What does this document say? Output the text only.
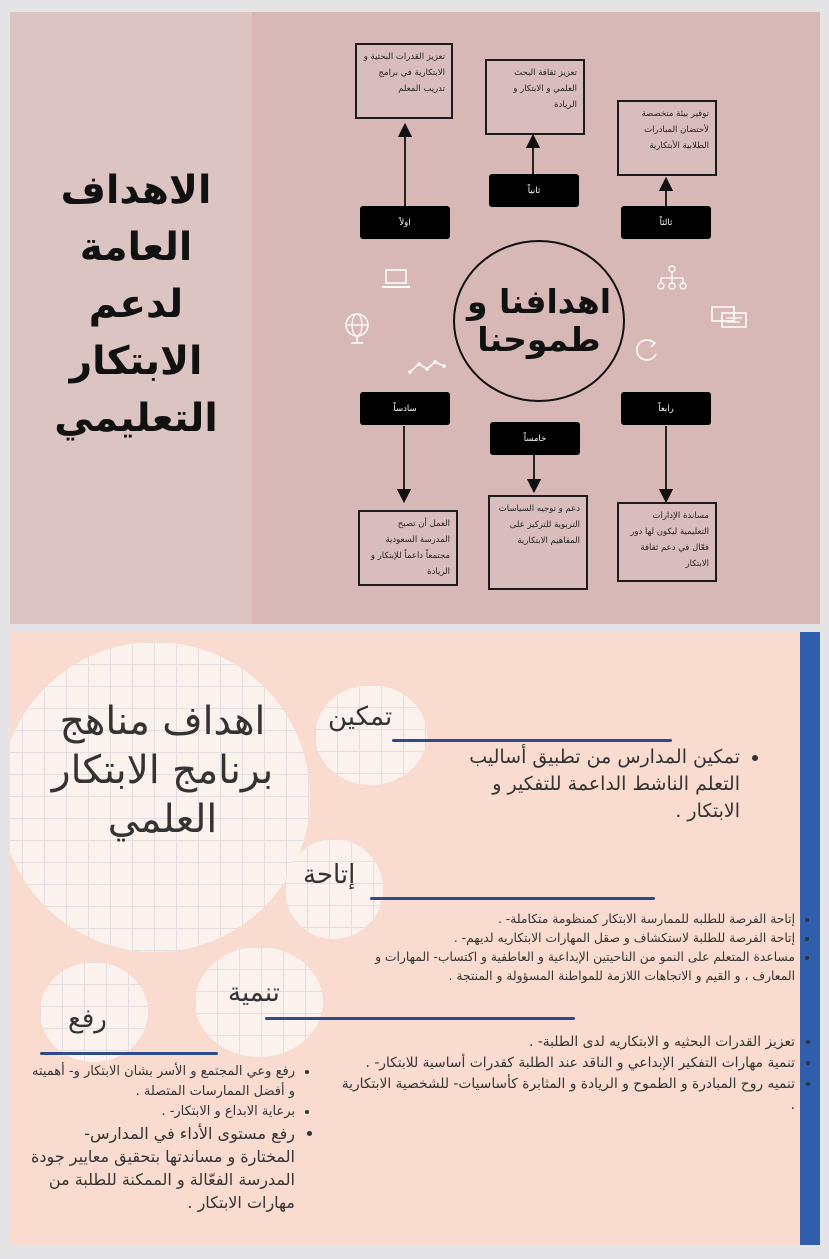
الاهداف العامة لدعم الابتكار التعليمي
تعزيز القدرات البحثية و الابتكارية في برامج تدريب المعلم
تعزيز ثقافة البحث العلمي و الابتكار و الريادة
توفير بيئة متخصصة لأحتضان المبادرات الطلابية الأبتكارية
مساندة الإدارات التعليمية ليكون لها دور فعّال في دعم ثقافة الابتكار
دعم و توجيه السياسات التربوية للتركيز على المفاهيم الابتكارية
العمل أن تصبح المدرسة السعودية مجتمعاً داعماً للإبتكار و الريادة
اولاً
ثانياً
ثالثاً
رابعاً
خامساً
سادساً
اهدافنا و طموحنا
اهداف مناهج برنامج الابتكار العلمي
تمكين
• تمكين المدارس من تطبيق أساليب التعلم الناشط الداعمة للتفكير و الابتكار .
إتاحة
• إتاحة الفرصة للطلبه للممارسة الابتكار كمنظومة متكاملة- .
• إتاحة الفرصة للطلبة لاستكشاف و صقل المهارات الابتكاريه لديهم- .
• مساعدة المتعلم على النمو من الناحيتين الإبداعية و العاطفية و اكتساب- المهارات و المعارف ، و القيم و الاتجاهات اللازمة للمواطنة المسؤولة و المنتجة .
تنمية
• تعزيز القدرات البحثيه و الابتكاريه لدى الطلبة- .
• تنمية مهارات التفكير الإبداعي و الناقد عند الطلبة كقدرات أساسية للابتكار- .
• تنميه روح المبادرة و الطموح و الريادة و المثابرة كأساسيات- للشخصية الابتكارية .
رفع
• رفع وعي المجتمع و الأسر بشان الابتكار و- أهميته و أفضل الممارسات المتصلة .
• برعاية الابداع و الابتكار- .
• رفع مستوى الأداء في المدارس- المختارة و مساندتها بتحقيق معايير جودة المدرسة الفعّالة و الممكنة للطلبة من مهارات الابتكار .
